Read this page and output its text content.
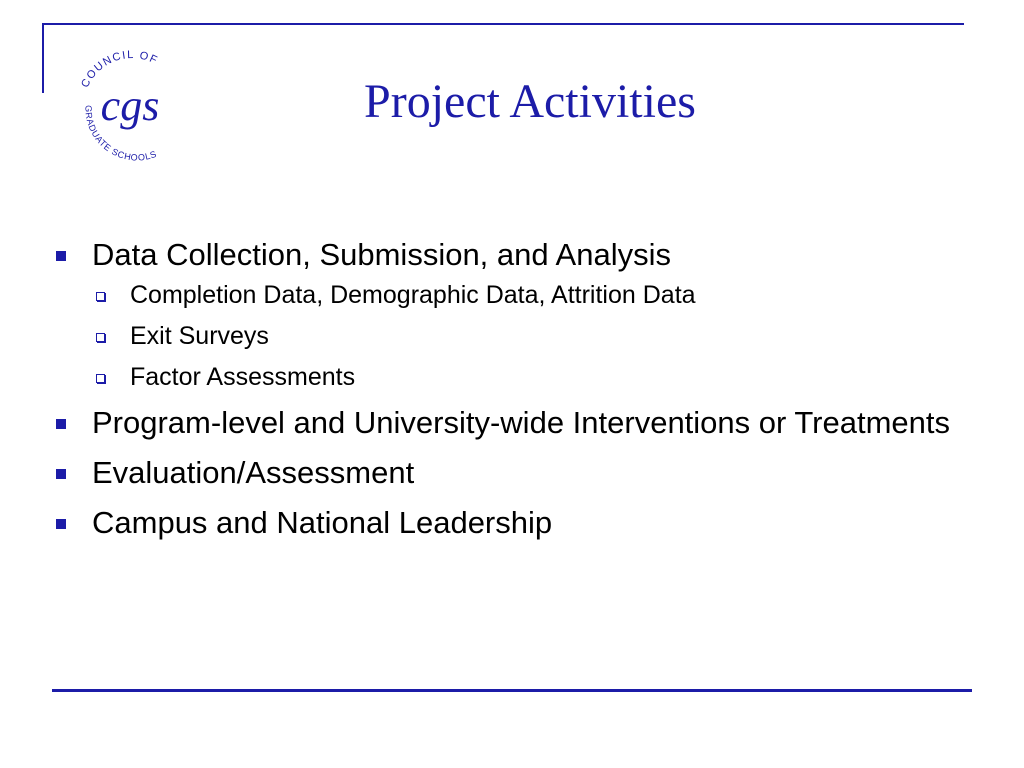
COUNCIL OF
GRADUATE SCHOOLS
cgs	Project Activities
Data Collection, Submission, and Analysis
Completion Data, Demographic Data, Attrition Data
Exit Surveys
Factor Assessments
Program-level and University-wide Interventions or Treatments
Evaluation/Assessment
Campus and National Leadership
